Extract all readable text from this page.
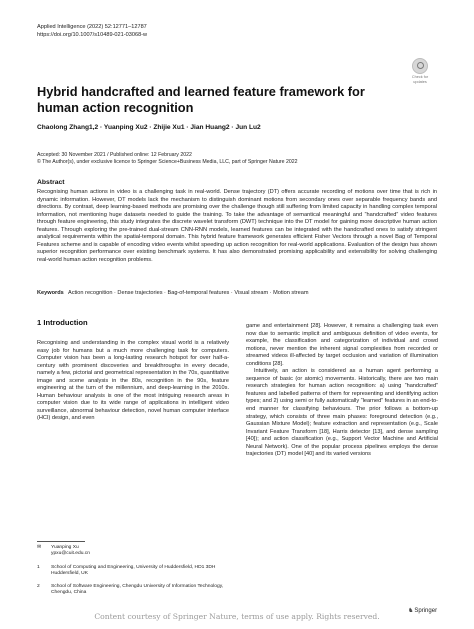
Applied Intelligence (2022) 52:12771–12787
https://doi.org/10.1007/s10489-021-03068-w
Check for
updates
Hybrid handcrafted and learned feature framework for human action recognition
Chaolong Zhang1,2 · Yuanping Xu2 · Zhijie Xu1 · Jian Huang2 · Jun Lu2
Accepted: 30 November 2021 / Published online: 12 February 2022
© The Author(s), under exclusive licence to Springer Science+Business Media, LLC, part of Springer Nature 2022
Abstract
Recognising human actions in video is a challenging task in real-world. Dense trajectory (DT) offers accurate recording of motions over time that is rich in dynamic information. However, DT models lack the mechanism to distinguish dominant motions from secondary ones over separable frequency bands and directions. By contrast, deep learning-based methods are promising over the challenge though still suffering from limited capacity in handling complex temporal information, not mentioning huge datasets needed to guide the training. To take the advantage of semantical meaningful and “handcrafted” video features through feature engineering, this study integrates the discrete wavelet transform (DWT) technique into the DT model for gaining more descriptive human action features. Through exploring the pre-trained dual-stream CNN-RNN models, learned features can be integrated with the handcrafted ones to satisfy stringent analytical requirements within the spatial-temporal domain. This hybrid feature framework generates efficient Fisher Vectors through a novel Bag of Temporal Features scheme and is capable of encoding video events whilst speeding up action recognition for real-world applications. Evaluation of the design has shown superior recognition performance over existing benchmark systems. It has also demonstrated promising applicability and extensibility for solving challenging real-world human action recognition problems.
Keywords Action recognition · Dense trajectories · Bag-of-temporal features · Visual stream · Motion stream
1 Introduction
Recognising and understanding in the complex visual world is a relatively easy job for humans but a much more challenging task for computers. Computer vision has been a long-lasting research hotspot for over half-a-century with prominent discoveries and breakthroughs in every decade, namely a few, pictorial and geometrical representation in the 70s, quantitative image and scene analysis in the 80s, recognition in the 90s, feature engineering at the turn of the millennium, and deep-learning in the 2010s. Human behaviour analysis is one of the most intriguing research areas in computer vision due to its wide range of applications in intelligent video surveillance, abnormal behaviour detection, novel human computer interface (HCI) design, and even

game and entertainment [28]. However, it remains a challenging task even now due to semantic implicit and ambiguous definition of video events, for example, the classification and categorization of individual and crowd motions, never mention the inherent signal complexities from recorded or streamed videos ill-affected by target occlusion and variation of illumination conditions [28].

Intuitively, an action is considered as a human agent performing a sequence of basic (or atomic) movements. Historically, there are two main research strategies for human action recognition: a) using “handcrafted” features and labelled patterns of them for representing and identifying action types; and 2) using semi or fully automatically “learned” features in an end-to-end manner for classifying behaviours. The prior follows a bottom-up strategy, which consists of three main phases: foreground detection (e.g., Gaussian Mixture Model); feature extraction and representation (e.g., Scale Invariant Feature Transform [18], Harris detector [13], and dense sampling [40]); and action classification (e.g., Support Vector Machine and Artificial Neural Network). One of the popular process pipelines employs the dense trajectories (DT) model [40] and its varied versions

✉ Yuanping Xu
ypxu@cuit.edu.cn
1 School of Computing and Engineering, University of Huddersfield, HD1 3DH Huddersfield, UK
2 School of Software Engineering, Chengdu University of Information Technology, Chengdu, China
♞Springer
Content courtesy of Springer Nature, terms of use apply. Rights reserved.
